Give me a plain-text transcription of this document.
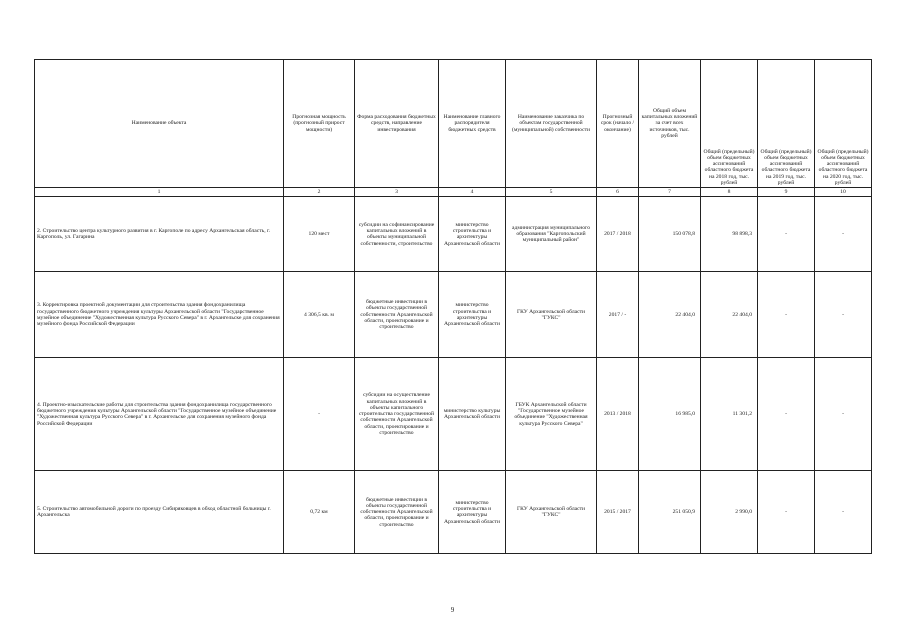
Наименование объекта	Прогнозная мощность (прогнозный прирост мощности)	Форма расходования бюджетных средств, направление инвестирования	Наименование главного распорядителя бюджетных средств	Наименование заказчика по объектам государственной (муниципальной) собственности	Прогнозный срок (начало / окончание)	Общий объем капитальных вложений за счет всех источников, тыс. рублей	Общий (предельный) объем бюджетных ассигнований областного бюджета на 2018 год, тыс. рублей	Общий (предельный) объем бюджетных ассигнований областного бюджета на 2019 год, тыс. рублей	Общий (предельный) объем бюджетных ассигнований областного бюджета на 2020 год, тыс. рублей
1	2	3	4	5	6	7	8	9	10
2. Строительство центра культурного развития в г. Каргополе по адресу Архангельская область, г. Каргополь, ул. Гагарина	120 мест	субсидии на софинансирование капитальных вложений в объекты муниципальной собственности, строительство	министерство строительства и архитектуры Архангельской области	администрация муниципального образования "Каргопольский муниципальный район"	2017 / 2018	150 078,8	98 898,3	-	-
3. Корректировка проектной документации для строительства здания фондохранилища государственного бюджетного учреждения культуры Архангельской области "Государственное музейное объединение "Художественная культура Русского Севера" в г. Архангельске для сохранения музейного фонда Российской Федерации	4 306,5 кв. м	бюджетные инвестиции в объекты государственной собственности Архангельской области, проектирование и строительство	министерство строительства и архитектуры Архангельской области	ГКУ Архангельской области "ГУКС"	2017 / -	22 404,0	22 404,0	-	-
4. Проектно-изыскательские работы для строительства здания фондохранилища государственного бюджетного учреждения культуры Архангельской области "Государственное музейное объединение "Художественная культура Русского Севера" в г. Архангельске для сохранения музейного фонда Российской Федерации	-	субсидии на осуществление капитальных вложений в объекты капитального строительства государственной собственности Архангельской области, проектирование и строительство	министерство культуры Архангельской области	ГБУК Архангельской области "Государственное музейное объединение "Художественная культура Русского Севера"	2013 / 2018	16 985,0	11 301,2	-	-
5. Строительство автомобильной дороги по проезду Сибиряковцев в обход областной больницы г. Архангельска	0,72 км	бюджетные инвестиции в объекты государственной собственности Архангельской области, проектирование и строительство	министерство строительства и архитектуры Архангельской области	ГКУ Архангельской области "ГУКС"	2015 / 2017	251 050,9	2 990,0	-	-
9
